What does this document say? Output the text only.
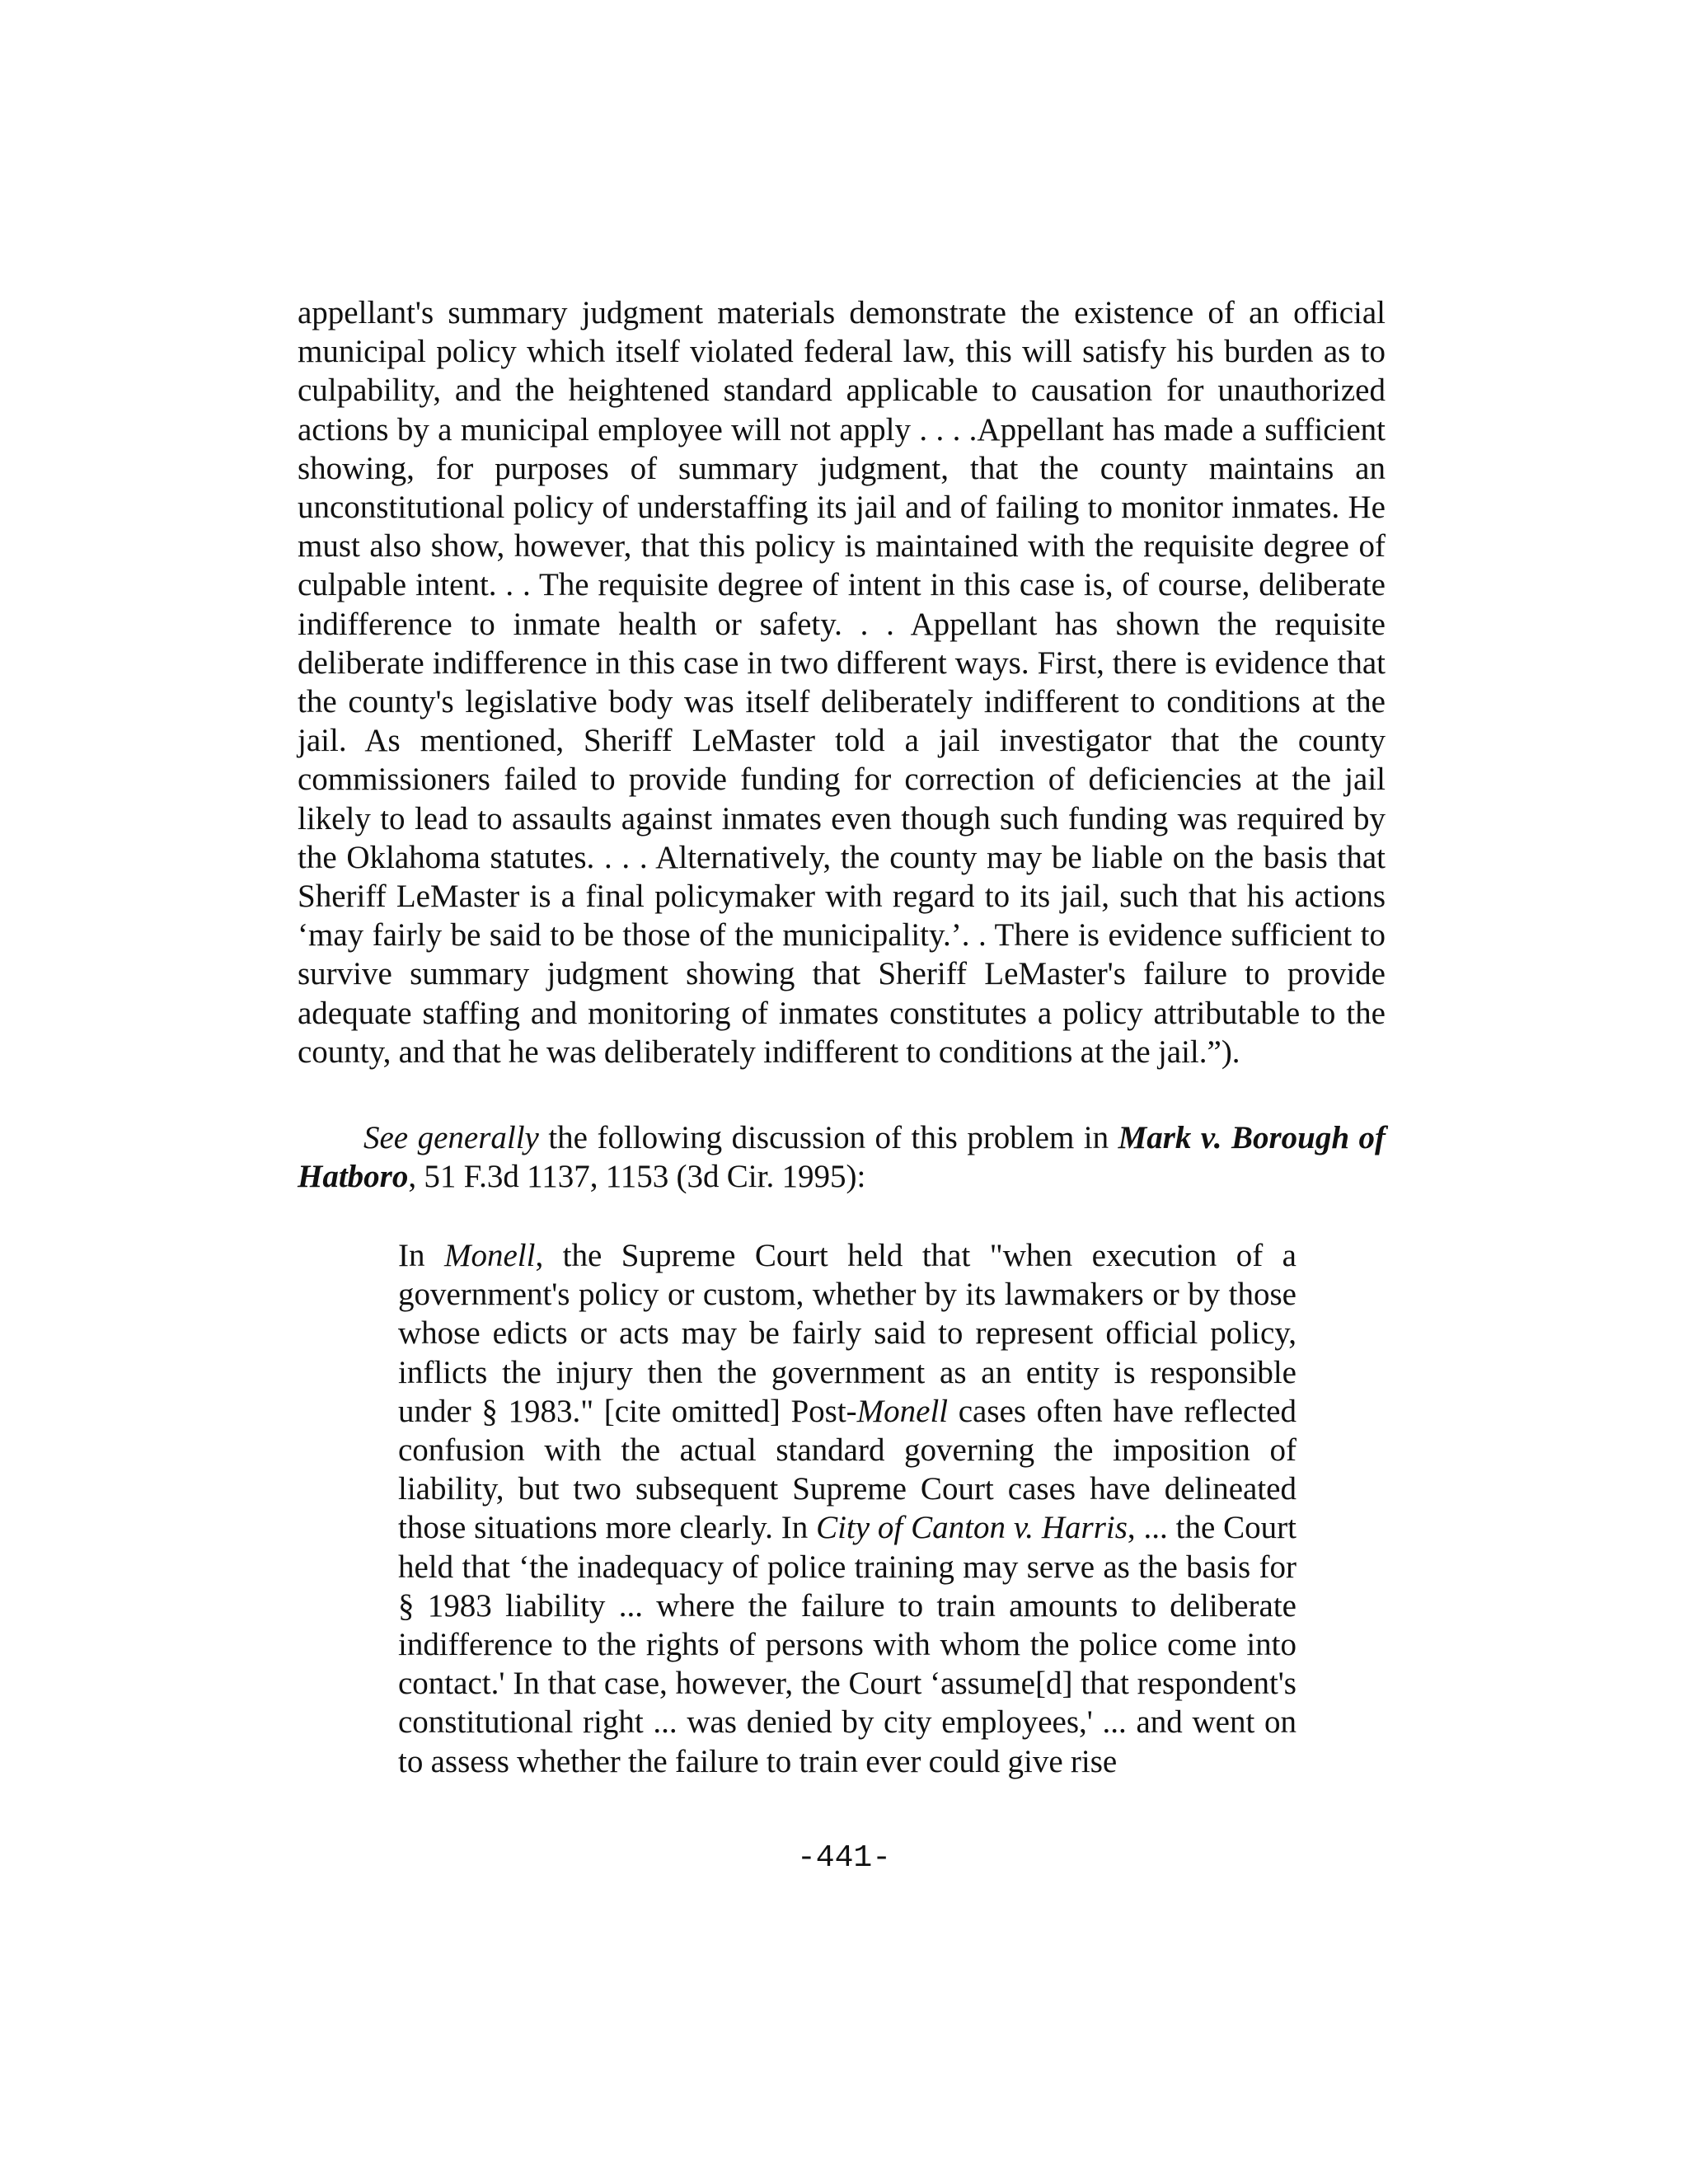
appellant's summary judgment materials demonstrate the existence of an official municipal policy which itself violated federal law, this will satisfy his burden as to culpability, and the heightened standard applicable to causation for unauthorized actions by a municipal employee will not apply . . . .Appellant has made a sufficient showing, for purposes of summary judgment, that the county maintains an unconstitutional policy of understaffing its jail and of failing to monitor inmates. He must also show, however, that this policy is maintained with the requisite degree of culpable intent. . . The requisite degree of intent in this case is, of course, deliberate indifference to inmate health or safety. . . Appellant has shown the requisite deliberate indifference in this case in two different ways. First, there is evidence that the county's legislative body was itself deliberately indifferent to conditions at the jail. As mentioned, Sheriff LeMaster told a jail investigator that the county commissioners failed to provide funding for correction of deficiencies at the jail likely to lead to assaults against inmates even though such funding was required by the Oklahoma statutes. . . . Alternatively, the county may be liable on the basis that Sheriff LeMaster is a final policymaker with regard to its jail, such that his actions ‘may fairly be said to be those of the municipality.’. . There is evidence sufficient to survive summary judgment showing that Sheriff LeMaster's failure to provide adequate staffing and monitoring of inmates constitutes a policy attributable to the county, and that he was deliberately indifferent to conditions at the jail.”).

See generally the following discussion of this problem in Mark v. Borough of Hatboro, 51 F.3d 1137, 1153 (3d Cir. 1995):

In Monell, the Supreme Court held that "when execution of a government's policy or custom, whether by its lawmakers or by those whose edicts or acts may be fairly said to represent official policy, inflicts the injury then the government as an entity is responsible under § 1983." [cite omitted] Post-Monell cases often have reflected confusion with the actual standard governing the imposition of liability, but two subsequent Supreme Court cases have delineated those situations more clearly. In City of Canton v. Harris, ... the Court held that ‘the inadequacy of police training may serve as the basis for § 1983 liability ... where the failure to train amounts to deliberate indifference to the rights of persons with whom the police come into contact.' In that case, however, the Court ‘assume[d] that respondent's constitutional right ... was denied by city employees,' ... and went on to assess whether the failure to train ever could give rise

-441-
